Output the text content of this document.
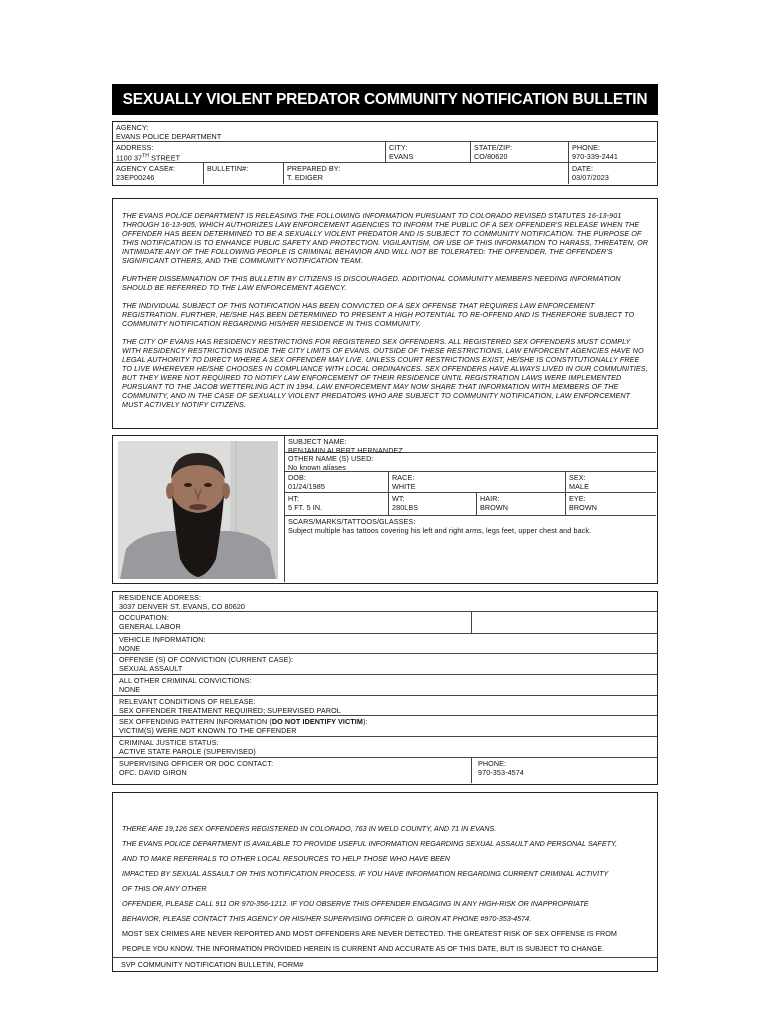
SEXUALLY VIOLENT PREDATOR COMMUNITY NOTIFICATION BULLETIN
AGENCY:
EVANS POLICE DEPARTMENT
ADDRESS:
1100 37TH STREET
CITY:
EVANS
STATE/ZIP:
CO/80620
PHONE:
970-339-2441
AGENCY CASE#:
23EP00246
BULLETIN#:	PREPARED BY:
T. EDIGER
DATE:
03/07/2023

THE EVANS POLICE DEPARTMENT IS RELEASING THE FOLLOWING INFORMATION PURSUANT TO COLORADO REVISED STATUTES 16-13-901 THROUGH 16-13-905, WHICH AUTHORIZES LAW ENFORCEMENT AGENCIES TO INFORM THE PUBLIC OF A SEX OFFENDER'S RELEASE WHEN THE OFFENDER HAS BEEN DETERMINED TO BE A SEXUALLY VIOLENT PREDATOR AND IS SUBJECT TO COMMUNITY NOTIFICATION. THE PURPOSE OF THIS NOTIFICATION IS TO ENHANCE PUBLIC SAFETY AND PROTECTION. VIGILANTISM, OR USE OF THIS INFORMATION TO HARASS, THREATEN, OR INTIMIDATE ANY OF THE FOLLOWING PEOPLE IS CRIMINAL BEHAVIOR AND WILL NOT BE TOLERATED: THE OFFENDER, THE OFFENDER'S SIGNIFICANT OTHERS, AND THE COMMUNITY NOTIFICATION TEAM.

FURTHER DISSEMINATION OF THIS BULLETIN BY CITIZENS IS DISCOURAGED. ADDITIONAL COMMUNITY MEMBERS NEEDING INFORMATION SHOULD BE REFERRED TO THE LAW ENFORCEMENT AGENCY.

THE INDIVIDUAL SUBJECT OF THIS NOTIFICATION HAS BEEN CONVICTED OF A SEX OFFENSE THAT REQUIRES LAW ENFORCEMENT REGISTRATION. FURTHER, HE/SHE HAS BEEN DETERMINED TO PRESENT A HIGH POTENTIAL TO RE-OFFEND AND IS THEREFORE SUBJECT TO COMMUNITY NOTIFICATION REGARDING HIS/HER RESIDENCE IN THIS COMMUNITY.

THE CITY OF EVANS HAS RESIDENCY RESTRICTIONS FOR REGISTERED SEX OFFENDERS. ALL REGISTERED SEX OFFENDERS MUST COMPLY WITH RESIDENCY RESTRICTIONS INSIDE THE CITY LIMITS OF EVANS. OUTSIDE OF THESE RESTRICTIONS, LAW ENFORCENT AGENCIES HAVE NO LEGAL AUTHORITY TO DIRECT WHERE A SEX OFFENDER MAY LIVE. UNLESS COURT RESTRICTIONS EXIST, HE/SHE IS CONSTITUTIONALLY FREE TO LIVE WHEREVER HE/SHE CHOOSES IN COMPLIANCE WITH LOCAL ORDINANCES. SEX OFFENDERS HAVE ALWAYS LIVED IN OUR COMMUNITIES, BUT THEY WERE NOT REQUIRED TO NOTIFY LAW ENFORCEMENT OF THEIR RESIDENCE UNTIL REGISTRATION LAWS WERE IMPLEMENTED PURSUANT TO THE JACOB WETTERLING ACT IN 1994. LAW ENFORCEMENT MAY NOW SHARE THAT INFORMATION WITH MEMBERS OF THE COMMUNITY, AND IN THE CASE OF SEXUALLY VIOLENT PREDATORS WHO ARE SUBJECT TO COMMUNITY NOTIFICATION, LAW ENFORCEMENT MUST ACTIVELY NOTIFY CITIZENS.

SUBJECT NAME:
BENJAMIN ALBERT HERNANDEZ
OTHER NAME (S) USED:
No known aliases
DOB:
01/24/1985
RACE:
WHITE
SEX:
MALE
HT:
5 FT. 5 IN.
WT:
280LBS
HAIR:
BROWN
EYE:
BROWN
SCARS/MARKS/TATTOOS/GLASSES:
Subject multiple has tattoos covering his left and right arms, legs feet, upper chest and back.
RESIDENCE ADDRESS:
3037 DENVER ST. EVANS, CO 80620
OCCUPATION:
GENERAL LABOR
VEHICLE INFORMATION:
NONE
OFFENSE (S) OF CONVICTION (CURRENT CASE):
SEXUAL ASSAULT
ALL OTHER CRIMINAL CONVICTIONS:
NONE
RELEVANT CONDITIONS OF RELEASE:
SEX OFFENDER TREATMENT REQUIRED; SUPERVISED PAROL
SEX OFFENDING PATTERN INFORMATION (DO NOT IDENTIFY VICTIM):
VICTIM(S) WERE NOT KNOWN TO THE OFFENDER
CRIMINAL JUSTICE STATUS:
ACTIVE STATE PAROLE (SUPERVISED)
SUPERVISING OFFICER OR DOC CONTACT:
OFC. DAVID GIRON
PHONE:
970-353-4574
THERE ARE 19,126 SEX OFFENDERS REGISTERED IN COLORADO, 763 IN WELD COUNTY, AND 71 IN EVANS.
THE EVANS POLICE DEPARTMENT IS AVAILABLE TO PROVIDE USEFUL INFORMATION REGARDING SEXUAL ASSAULT AND PERSONAL SAFETY,
AND TO MAKE REFERRALS TO OTHER LOCAL RESOURCES TO HELP THOSE WHO HAVE BEEN
IMPACTED BY SEXUAL ASSAULT OR THIS NOTIFICATION PROCESS. IF YOU HAVE INFORMATION REGARDING CURRENT CRIMINAL ACTIVITY
OF THIS OR ANY OTHER
OFFENDER, PLEASE CALL 911 OR 970-356-1212. IF YOU OBSERVE THIS OFFENDER ENGAGING IN ANY HIGH-RISK OR INAPPROPRIATE
BEHAVIOR, PLEASE CONTACT THIS AGENCY OR HIS/HER SUPERVISING OFFICER D. GIRON AT PHONE #970-353-4574.
MOST SEX CRIMES ARE NEVER REPORTED AND MOST OFFENDERS ARE NEVER DETECTED. THE GREATEST RISK OF SEX OFFENSE IS FROM
PEOPLE YOU KNOW. THE INFORMATION PROVIDED HEREIN IS CURRENT AND ACCURATE AS OF THIS DATE, BUT IS SUBJECT TO CHANGE.
SVP COMMUNITY NOTIFICATION BULLETIN, FORM#
